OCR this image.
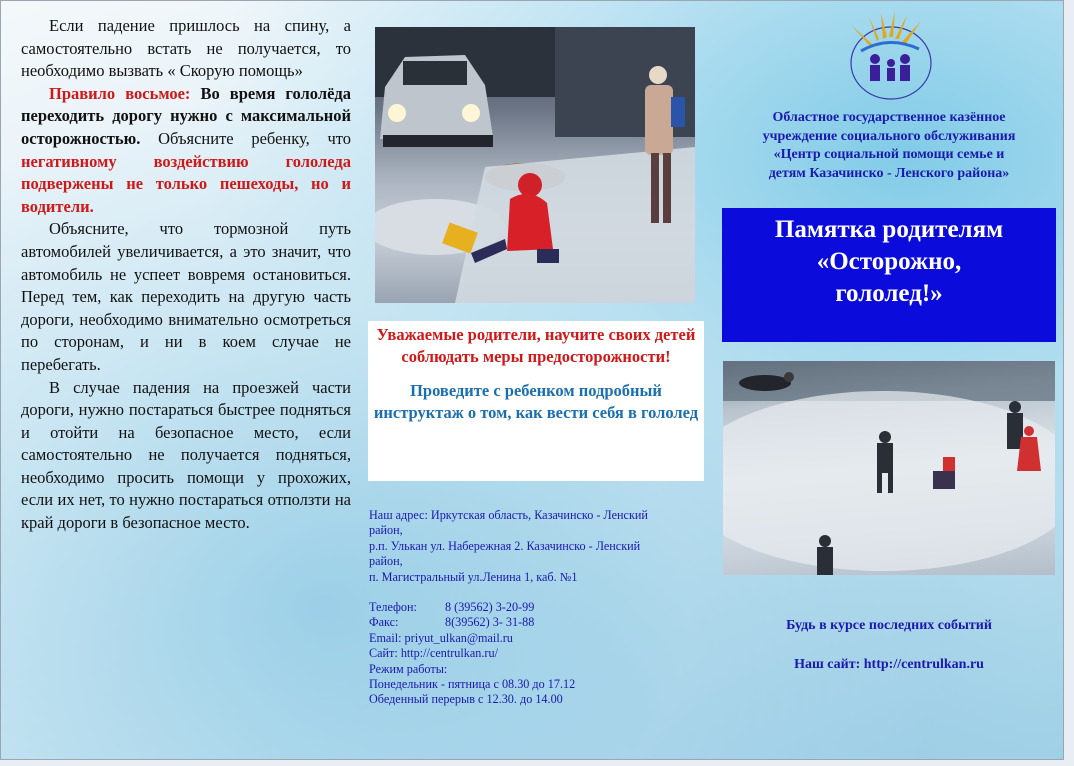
Если падение пришлось на спину, а самостоятельно встать не получается, то необходимо вызвать « Скорую помощь»

Правило восьмое: Во время гололёда переходить дорогу нужно с максимальной осторожностью. Объясните ребенку, что негативному воздействию гололеда подвержены не только пешеходы, но и водители.

Объясните, что тормозной путь автомобилей увеличивается, а это значит, что автомобиль не успеет вовремя остановиться. Перед тем, как переходить на другую часть дороги, необходимо внимательно осмотреться по сторонам, и ни в коем случае не перебегать.

В случае падения на проезжей части дороги, нужно постараться быстрее подняться и отойти на безопасное место, если самостоятельно не получается подняться, необходимо просить помощи у прохожих, если их нет, то нужно постараться отползти на край дороги в безопасное место.

Уважаемые родители, научите своих детей соблюдать меры предосторожности!
Проведите с ребенком подробный инструктаж о том, как вести себя в гололед
Наш адрес: Иркутская область, Казачинско - Ленский
район,
р.п. Улькан ул. Набережная 2. Казачинско - Ленский
район,
п. Магистральный ул.Ленина 1, каб. №1
Телефон: 8 (39562) 3-20-99
Факс:	8(39562) 3- 31-88
Email: priyut_ulkan@mail.ru
Сайт: http://centrulkan.ru/
Режим работы:
Понедельник - пятница с 08.30 до 17.12
Обеденный перерыв с 12.30. до 14.00
Областное государственное казённое
учреждение социального обслуживания
«Центр социальной помощи семье и
детям Казачинско - Ленского района»
Памятка родителям
«Осторожно,
гололед!»
Будь в курсе последних событий
Наш сайт: http://centrulkan.ru
